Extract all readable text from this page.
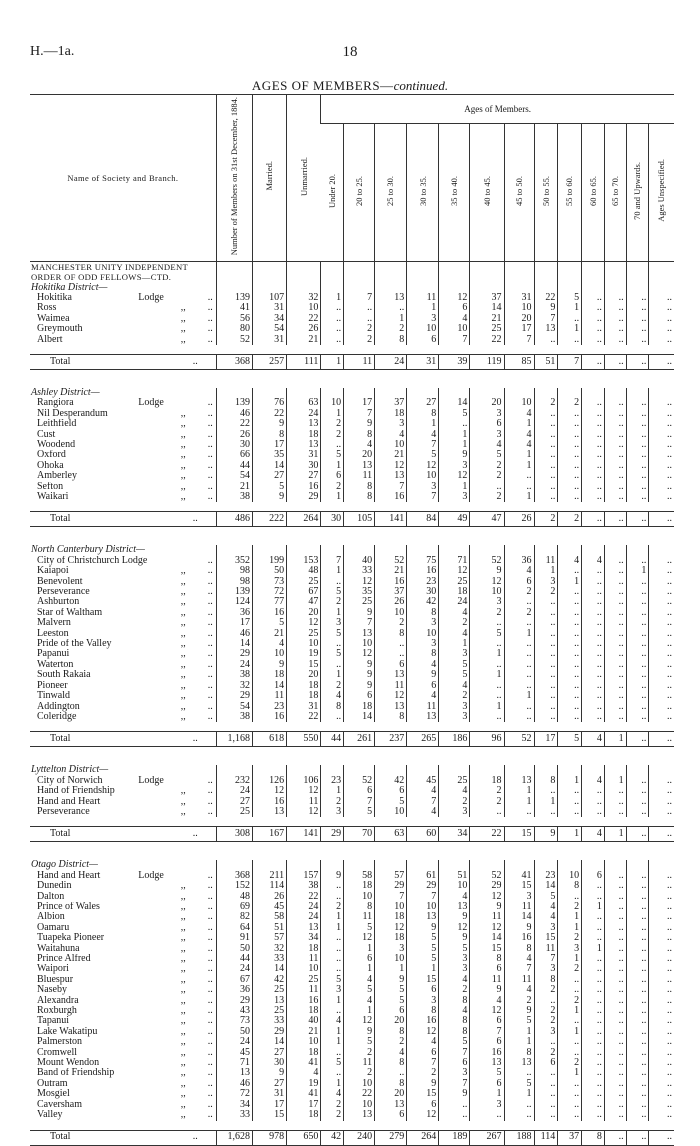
H.—1a.	18
AGES OF MEMBERS—continued.
Name of Society and Branch.	Number of Members on 31st December, 1884.	Married.	Unmarried.	Ages of Members.												
				Under 20.	20 to 25.	25 to 30.	30 to 35.	35 to 40.	40 to 45.	45 to 50.	50 to 55.	55 to 60.	60 to 65.	65 to 70.	70 and Upwards.	Ages Unspecified.
MANCHESTER UNITY INDEPENDENT																
ORDER OF ODD FELLOWS—CTD.																
Hokitika District—																

Hokitika Lodge ..	139	107	32	1	7	13	11	12	37	31	22	5	..	..	..	..

Ross ,, ..	41	31	10	..	..	..	1	6	14	10	9	1	..	..	..	..

Waimea ,, ..	56	34	22	..	..	1	3	4	21	20	7	..	..	..	..	..

Greymouth ,, ..	80	54	26	..	2	2	10	10	25	17	13	1	..	..	..	..

Albert ,, ..	52	31	21	..	2	8	6	7	22	7	..	..	..	..	..	..

Total ..	368	257	111	1	11	24	31	39	119	85	51	7	..	..	..	..

Ashley District—																

Rangiora Lodge ..	139	76	63	10	17	37	27	14	20	10	2	2	..	..	..	..

Nil Desperandum ,, ..	46	22	24	1	7	18	8	5	3	4	..	..	..	..	..	..

Leithfield ,, ..	22	9	13	2	9	3	1	..	6	1	..	..	..	..	..	..

Cust ,, ..	26	8	18	2	8	4	4	1	3	4	..	..	..	..	..	..

Woodend ,, ..	30	17	13	..	4	10	7	1	4	4	..	..	..	..	..	..

Oxford ,, ..	66	35	31	5	20	21	5	9	5	1	..	..	..	..	..	..

Ohoka ,, ..	44	14	30	1	13	12	12	3	2	1	..	..	..	..	..	..

Amberley ,, ..	54	27	27	6	11	13	10	12	2	..	..	..	..	..	..	..

Sefton ,, ..	21	5	16	2	8	7	3	1	..	..	..	..	..	..	..	..

Waikari ,, ..	38	9	29	1	8	16	7	3	2	1	..	..	..	..	..	..

Total ..	486	222	264	30	105	141	84	49	47	26	2	2	..	..	..	..

North Canterbury District—																

City of Christchurch Lodge ..	352	199	153	7	40	52	75	71	52	36	11	4	4	..	..	..

Kaiapoi ,, ..	98	50	48	1	33	21	16	12	9	4	1	..	..	..	1	..

Benevolent ,, ..	98	73	25	..	12	16	23	25	12	6	3	1	..	..	..	..

Perseverance ,, ..	139	72	67	5	35	37	30	18	10	2	2	..	..	..	..	..

Ashburton ,, ..	124	77	47	2	25	26	42	24	3	..	..	..	..	..	..	..

Star of Waltham ,, ..	36	16	20	1	9	10	8	4	2	2	..	..	..	..	..	..

Malvern ,, ..	17	5	12	3	7	2	3	2	..	..	..	..	..	..	..	..

Leeston ,, ..	46	21	25	5	13	8	10	4	5	1	..	..	..	..	..	..

Pride of the Valley ,, ..	14	4	10	..	10	..	3	1	..	..	..	..	..	..	..	..

Papanui ,, ..	29	10	19	5	12	..	8	3	1	..	..	..	..	..	..	..

Waterton ,, ..	24	9	15	..	9	6	4	5	..	..	..	..	..	..	..	..

South Rakaia ,, ..	38	18	20	1	9	13	9	5	1	..	..	..	..	..	..	..

Pioneer ,, ..	32	14	18	2	9	11	6	4	..	..	..	..	..	..	..	..

Tinwald ,, ..	29	11	18	4	6	12	4	2	..	1	..	..	..	..	..	..

Addington ,, ..	54	23	31	8	18	13	11	3	1	..	..	..	..	..	..	..

Coleridge ,, ..	38	16	22	..	14	8	13	3	..	..	..	..	..	..	..	..

Total ..	1,168	618	550	44	261	237	265	186	96	52	17	5	4	1	..	..

Lyttelton District—																

City of Norwich Lodge ..	232	126	106	23	52	42	45	25	18	13	8	1	4	1	..	..

Hand of Friendship ,, ..	24	12	12	1	6	6	4	4	2	1	..	..	..	..	..	..

Hand and Heart ,, ..	27	16	11	2	7	5	7	2	2	1	1	..	..	..	..	..

Perseverance ,, ..	25	13	12	3	5	10	4	3	..	..	..	..	..	..	..	..

Total ..	308	167	141	29	70	63	60	34	22	15	9	1	4	1	..	..

Otago District—																

Hand and Heart Lodge ..	368	211	157	9	58	57	61	51	52	41	23	10	6	..	..	..

Dunedin ,, ..	152	114	38	..	18	29	29	10	29	15	14	8	..	..	..	..

Dalton ,, ..	48	26	22	..	10	7	7	4	12	3	5	..	..	..	..	..

Prince of Wales ,, ..	69	45	24	2	8	10	10	13	9	11	4	2	1	..	..	..

Albion ,, ..	82	58	24	1	11	18	13	9	11	14	4	1	..	..	..	..

Oamaru ,, ..	64	51	13	1	5	12	9	12	12	9	3	1	..	..	..	..

Tuapeka Pioneer ,, ..	91	57	34	..	12	18	5	9	14	16	15	2	..	..	..	..

Waitahuna ,, ..	50	32	18	..	1	3	5	5	15	8	11	3	1	..	..	..

Prince Alfred ,, ..	44	33	11	..	6	10	5	3	8	4	7	1	..	..	..	..

Waipori ,, ..	24	14	10	..	1	1	1	3	6	7	3	2	..	..	..	..

Bluespur ,, ..	67	42	25	5	4	9	15	4	11	11	8	..	..	..	..	..

Naseby ,, ..	36	25	11	3	5	5	6	2	9	4	2	..	..	..	..	..

Alexandra ,, ..	29	13	16	1	4	5	3	8	4	2	..	2	..	..	..	..

Roxburgh ,, ..	43	25	18	..	1	6	8	4	12	9	2	1	..	..	..	..

Tapanui ,, ..	73	33	40	4	12	20	16	8	6	5	2	..	..	..	..	..

Lake Wakatipu ,, ..	50	29	21	1	9	8	12	8	7	1	3	1	..	..	..	..

Palmerston ,, ..	24	14	10	1	5	2	4	5	6	1	..	..	..	..	..	..

Cromwell ,, ..	45	27	18	..	2	4	6	7	16	8	2	..	..	..	..	..

Mount Wendon ,, ..	71	30	41	5	11	8	7	6	13	13	6	2	..	..	..	..

Band of Friendship ,, ..	13	9	4	..	2	..	2	3	5	..	..	1	..	..	..	..

Outram ,, ..	46	27	19	1	10	8	9	7	6	5	..	..	..	..	..	..

Mosgiel ,, ..	72	31	41	4	22	20	15	9	1	1	..	..	..	..	..	..

Caversham ,, ..	34	17	17	2	10	13	6	..	3	..	..	..	..	..	..	..

Valley ,, ..	33	15	18	2	13	6	12	..	..	..	..	..	..	..	..	..

Total ..	1,628	978	650	42	240	279	264	189	267	188	114	37	8	..	..	..
